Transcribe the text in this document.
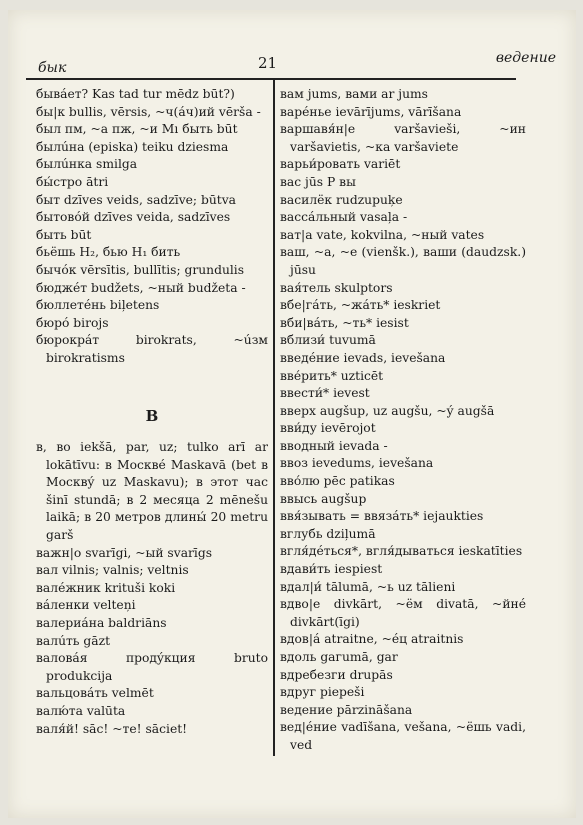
бык	21	ведение

бывáет? Kas tad tur mēdz būt?)

бы|к bullis, vērsis, ~ч(áч)ий vērša -

был пм, ~а пж, ~и Мı быть būt

былúна (episka) teiku dziesma

былúнка smilga

бы́стро ātri

быт dzīves veids, sadzīve; būtva

бытовóй dzīves veida, sadzīves

быть būt

бьёшь Н₂, бью Н₁ бить

бычóк vērsītis, bullītis; grundulis

бюджéт budžets, ~ный budžeta -

бюллетéнь biļetens

бюрó birojs

бюрокрáт birokrats, ~úзм birokratisms

В

в, во iekšā, par, uz; tulko arī ar lokātīvu: в Москвé Maskavā (bet в Москвý uz Maskavu); в этот час šinī stundā; в 2 месяца 2 mēnešu laikā; в 20 метров длины́ 20 metru garš

важн|о svarīgi, ~ый svarīgs

вал vilnis; valnis; veltnis

валéжник krituši koki

вáленки velteņi

валериáна baldriāns

валúть gāzt

валовáя продýкция bruto produkcija

вальцовáть velmēt

валю́та valūta

валя́й! sāc! ~те! sāciet!

вам jums, вами ar jums

варéнье ievārījums, vārīšana

варшавя́н|е varšavieši, ~ин varšavietis, ~ка varšaviete

варьи́ровать variēt

вас jūs Р вы

василёк rudzupuķe

вассáльный vasaļa -

ват|а vate, kokvilna, ~ный vates

ваш, ~а, ~е (vienšk.), ваши (daudzsk.) jūsu

вая́тель skulptors

вбе|гáть, ~жáть* ieskriet

вби|вáть, ~ть* iesist

вблизи́ tuvumā

введéние ievads, ievešana

вве́рить* uzticēt

ввести́* ievest

вверх augšup, uz augšu, ~ý augšā

вви́ду ievērojot

вводный ievada -

ввоз ievedums, ievešana

вво́лю pēc patikas

ввысь augšup

ввя́зывать = ввязáть* iejaukties

вглубь dziļumā

вгля́дéться*, вгля́дываться ieskatīties

вдави́ть iespiest

вдал|и́ tālumā, ~ь uz tālieni

вдво|е divkārt, ~ём divatā, ~йнé divkārt(īgi)

вдов|á atraitne, ~éц atraitnis

вдоль gaгumā, gar

вдребезги drupās

вдруг pieрeši

ведение pārzināšana

вед|éние vadīšana, vešana, ~ёшь vadi, ved
